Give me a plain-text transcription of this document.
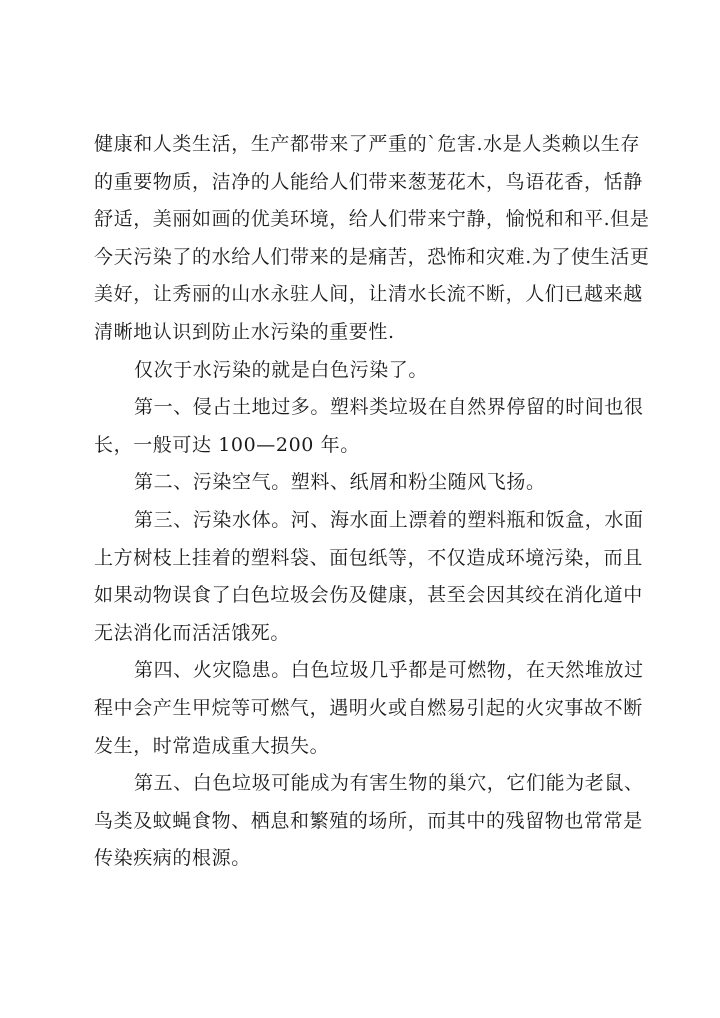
健康和人类生活，生产都带来了严重的`危害.水是人类赖以生存
的重要物质，洁净的人能给人们带来葱茏花木，鸟语花香，恬静
舒适，美丽如画的优美环境，给人们带来宁静，愉悦和和平.但是
今天污染了的水给人们带来的是痛苦，恐怖和灾难.为了使生活更
美好，让秀丽的山水永驻人间，让清水长流不断，人们已越来越
清晰地认识到防止水污染的重要性.
仅次于水污染的就是白色污染了。
第一、侵占土地过多。塑料类垃圾在自然界停留的时间也很
长，一般可达 100—200 年。
第二、污染空气。塑料、纸屑和粉尘随风飞扬。
第三、污染水体。河、海水面上漂着的塑料瓶和饭盒，水面
上方树枝上挂着的塑料袋、面包纸等，不仅造成环境污染，而且
如果动物误食了白色垃圾会伤及健康，甚至会因其绞在消化道中
无法消化而活活饿死。
第四、火灾隐患。白色垃圾几乎都是可燃物，在天然堆放过
程中会产生甲烷等可燃气，遇明火或自燃易引起的火灾事故不断
发生，时常造成重大损失。
第五、白色垃圾可能成为有害生物的巢穴，它们能为老鼠、
鸟类及蚊蝇食物、栖息和繁殖的场所，而其中的残留物也常常是
传染疾病的根源。
